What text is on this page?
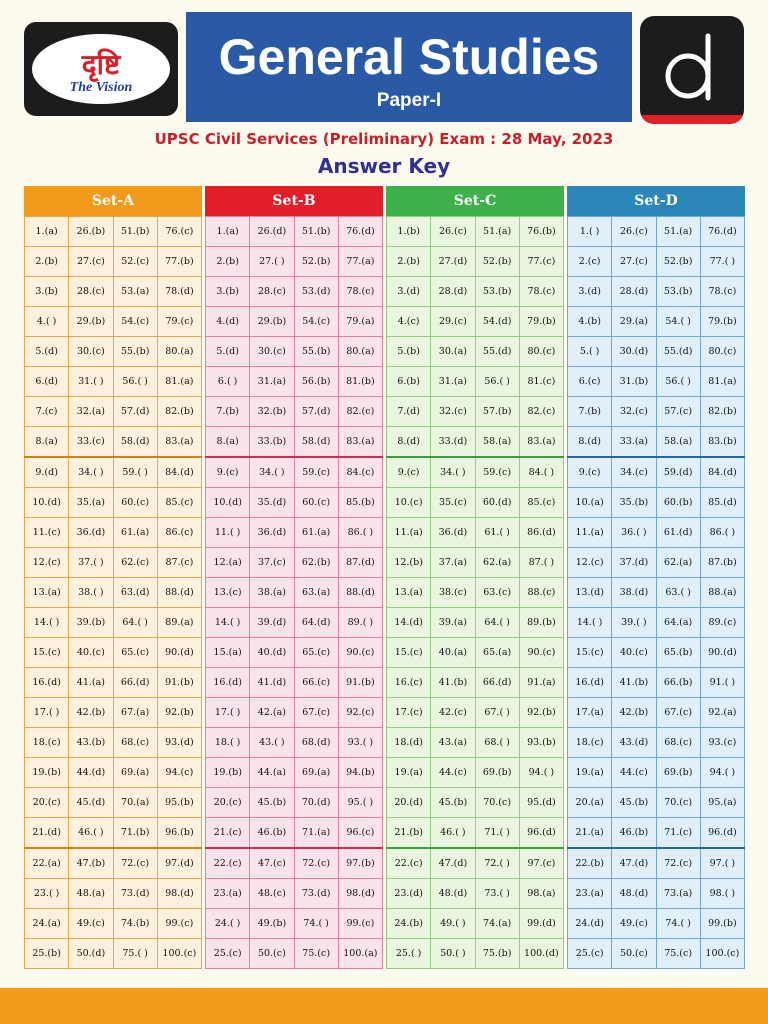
दृष्टि
The Vision
General Studies
Paper-I
UPSC Civil Services (Preliminary) Exam : 28 May, 2023
Answer Key
Set-A
1.(a)	26.(b)	51.(b)	76.(c)
2.(b)	27.(c)	52.(c)	77.(b)
3.(b)	28.(c)	53.(a)	78.(d)
4.( )	29.(b)	54.(c)	79.(c)
5.(d)	30.(c)	55.(b)	80.(a)
6.(d)	31.( )	56.( )	81.(a)
7.(c)	32.(a)	57.(d)	82.(b)
8.(a)	33.(c)	58.(d)	83.(a)
9.(d)	34.( )	59.( )	84.(d)
10.(d)	35.(a)	60.(c)	85.(c)
11.(c)	36.(d)	61.(a)	86.(c)
12.(c)	37.( )	62.(c)	87.(c)
13.(a)	38.( )	63.(d)	88.(d)
14.( )	39.(b)	64.( )	89.(a)
15.(c)	40.(c)	65.(c)	90.(d)
16.(d)	41.(a)	66.(d)	91.(b)
17.( )	42.(b)	67.(a)	92.(b)
18.(c)	43.(b)	68.(c)	93.(d)
19.(b)	44.(d)	69.(a)	94.(c)
20.(c)	45.(d)	70.(a)	95.(b)
21.(d)	46.( )	71.(b)	96.(b)
22.(a)	47.(b)	72.(c)	97.(d)
23.( )	48.(a)	73.(d)	98.(d)
24.(a)	49.(c)	74.(b)	99.(c)
25.(b)	50.(d)	75.( )	100.(c)
Set-B
1.(a)	26.(d)	51.(b)	76.(d)
2.(b)	27.( )	52.(b)	77.(a)
3.(b)	28.(c)	53.(d)	78.(c)
4.(d)	29.(b)	54.(c)	79.(a)
5.(d)	30.(c)	55.(b)	80.(a)
6.( )	31.(a)	56.(b)	81.(b)
7.(b)	32.(b)	57.(d)	82.(c)
8.(a)	33.(b)	58.(d)	83.(a)
9.(c)	34.( )	59.(c)	84.(c)
10.(d)	35.(d)	60.(c)	85.(b)
11.( )	36.(d)	61.(a)	86.( )
12.(a)	37.(c)	62.(b)	87.(d)
13.(c)	38.(a)	63.(a)	88.(d)
14.( )	39.(d)	64.(d)	89.( )
15.(a)	40.(d)	65.(c)	90.(c)
16.(d)	41.(d)	66.(c)	91.(b)
17.( )	42.(a)	67.(c)	92.(c)
18.( )	43.( )	68.(d)	93.( )
19.(b)	44.(a)	69.(a)	94.(b)
20.(c)	45.(b)	70.(d)	95.( )
21.(c)	46.(b)	71.(a)	96.(c)
22.(c)	47.(c)	72.(c)	97.(b)
23.(a)	48.(c)	73.(d)	98.(d)
24.( )	49.(b)	74.( )	99.(c)
25.(c)	50.(c)	75.(c)	100.(a)
Set-C
1.(b)	26.(c)	51.(a)	76.(b)
2.(b)	27.(d)	52.(b)	77.(c)
3.(d)	28.(d)	53.(b)	78.(c)
4.(c)	29.(c)	54.(d)	79.(b)
5.(b)	30.(a)	55.(d)	80.(c)
6.(b)	31.(a)	56.( )	81.(c)
7.(d)	32.(c)	57.(b)	82.(c)
8.(d)	33.(d)	58.(a)	83.(a)
9.(c)	34.( )	59.(c)	84.( )
10.(c)	35.(c)	60.(d)	85.(c)
11.(a)	36.(d)	61.( )	86.(d)
12.(b)	37.(a)	62.(a)	87.( )
13.(a)	38.(c)	63.(c)	88.(c)
14.(d)	39.(a)	64.( )	89.(b)
15.(c)	40.(a)	65.(a)	90.(c)
16.(c)	41.(b)	66.(d)	91.(a)
17.(c)	42.(c)	67.( )	92.(b)
18.(d)	43.(a)	68.( )	93.(b)
19.(a)	44.(c)	69.(b)	94.( )
20.(d)	45.(b)	70.(c)	95.(d)
21.(b)	46.( )	71.( )	96.(d)
22.(c)	47.(d)	72.( )	97.(c)
23.(d)	48.(d)	73.( )	98.(a)
24.(b)	49.( )	74.(a)	99.(d)
25.( )	50.( )	75.(b)	100.(d)
Set-D
1.( )	26.(c)	51.(a)	76.(d)
2.(c)	27.(c)	52.(b)	77.( )
3.(d)	28.(d)	53.(b)	78.(c)
4.(b)	29.(a)	54.( )	79.(b)
5.( )	30.(d)	55.(d)	80.(c)
6.(c)	31.(b)	56.( )	81.(a)
7.(b)	32.(c)	57.(c)	82.(b)
8.(d)	33.(a)	58.(a)	83.(b)
9.(c)	34.(c)	59.(d)	84.(d)
10.(a)	35.(b)	60.(b)	85.(d)
11.(a)	36.( )	61.(d)	86.( )
12.(c)	37.(d)	62.(a)	87.(b)
13.(d)	38.(d)	63.( )	88.(a)
14.( )	39.( )	64.(a)	89.(c)
15.(c)	40.(c)	65.(b)	90.(d)
16.(d)	41.(b)	66.(b)	91.( )
17.(a)	42.(b)	67.(c)	92.(a)
18.(c)	43.(d)	68.(c)	93.(c)
19.(a)	44.(c)	69.(b)	94.( )
20.(a)	45.(b)	70.(c)	95.(a)
21.(a)	46.(b)	71.(c)	96.(d)
22.(b)	47.(d)	72.(c)	97.( )
23.(a)	48.(d)	73.(a)	98.( )
24.(d)	49.(c)	74.( )	99.(b)
25.(c)	50.(c)	75.(c)	100.(c)
